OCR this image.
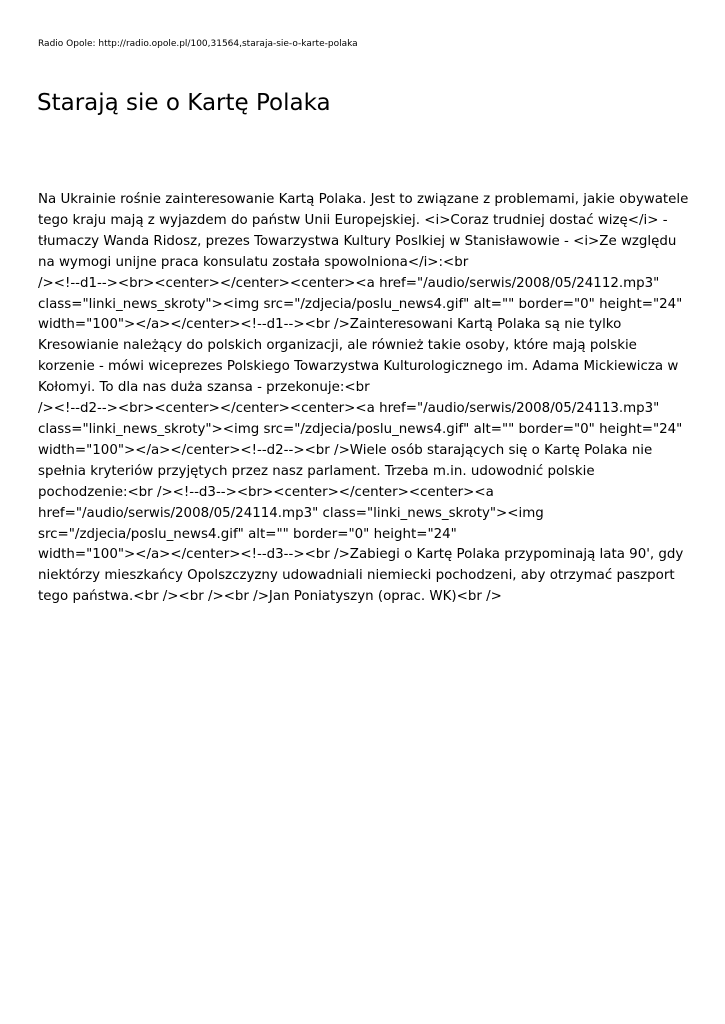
Radio Opole: http://radio.opole.pl/100,31564,staraja-sie-o-karte-polaka
Starają sie o Kartę Polaka
Na Ukrainie rośnie zainteresowanie Kartą Polaka. Jest to związane z problemami, jakie obywatele
tego kraju mają z wyjazdem do państw Unii Europejskiej. <i>Coraz trudniej dostać wizę</i> -
tłumaczy Wanda Ridosz, prezes Towarzystwa Kultury Poslkiej w Stanisławowie - <i>Ze względu
na wymogi unijne praca konsulatu została spowolniona</i>:<br
/><!--d1--><br><center></center><center><a href="/audio/serwis/2008/05/24112.mp3"
class="linki_news_skroty"><img src="/zdjecia/poslu_news4.gif" alt="" border="0" height="24"
width="100"></a></center><!--d1--><br />Zainteresowani Kartą Polaka są nie tylko
Kresowianie należący do polskich organizacji, ale również takie osoby, które mają polskie
korzenie - mówi wiceprezes Polskiego Towarzystwa Kulturologicznego im. Adama Mickiewicza w
Kołomyi. To dla nas duża szansa - przekonuje:<br
/><!--d2--><br><center></center><center><a href="/audio/serwis/2008/05/24113.mp3"
class="linki_news_skroty"><img src="/zdjecia/poslu_news4.gif" alt="" border="0" height="24"
width="100"></a></center><!--d2--><br />Wiele osób starających się o Kartę Polaka nie
spełnia kryteriów przyjętych przez nasz parlament. Trzeba m.in. udowodnić polskie
pochodzenie:<br /><!--d3--><br><center></center><center><a
href="/audio/serwis/2008/05/24114.mp3" class="linki_news_skroty"><img
src="/zdjecia/poslu_news4.gif" alt="" border="0" height="24"
width="100"></a></center><!--d3--><br />Zabiegi o Kartę Polaka przypominają lata 90', gdy
niektórzy mieszkańcy Opolszczyzny udowadniali niemiecki pochodzeni, aby otrzymać paszport
tego państwa.<br /><br /><br />Jan Poniatyszyn (oprac. WK)<br />
